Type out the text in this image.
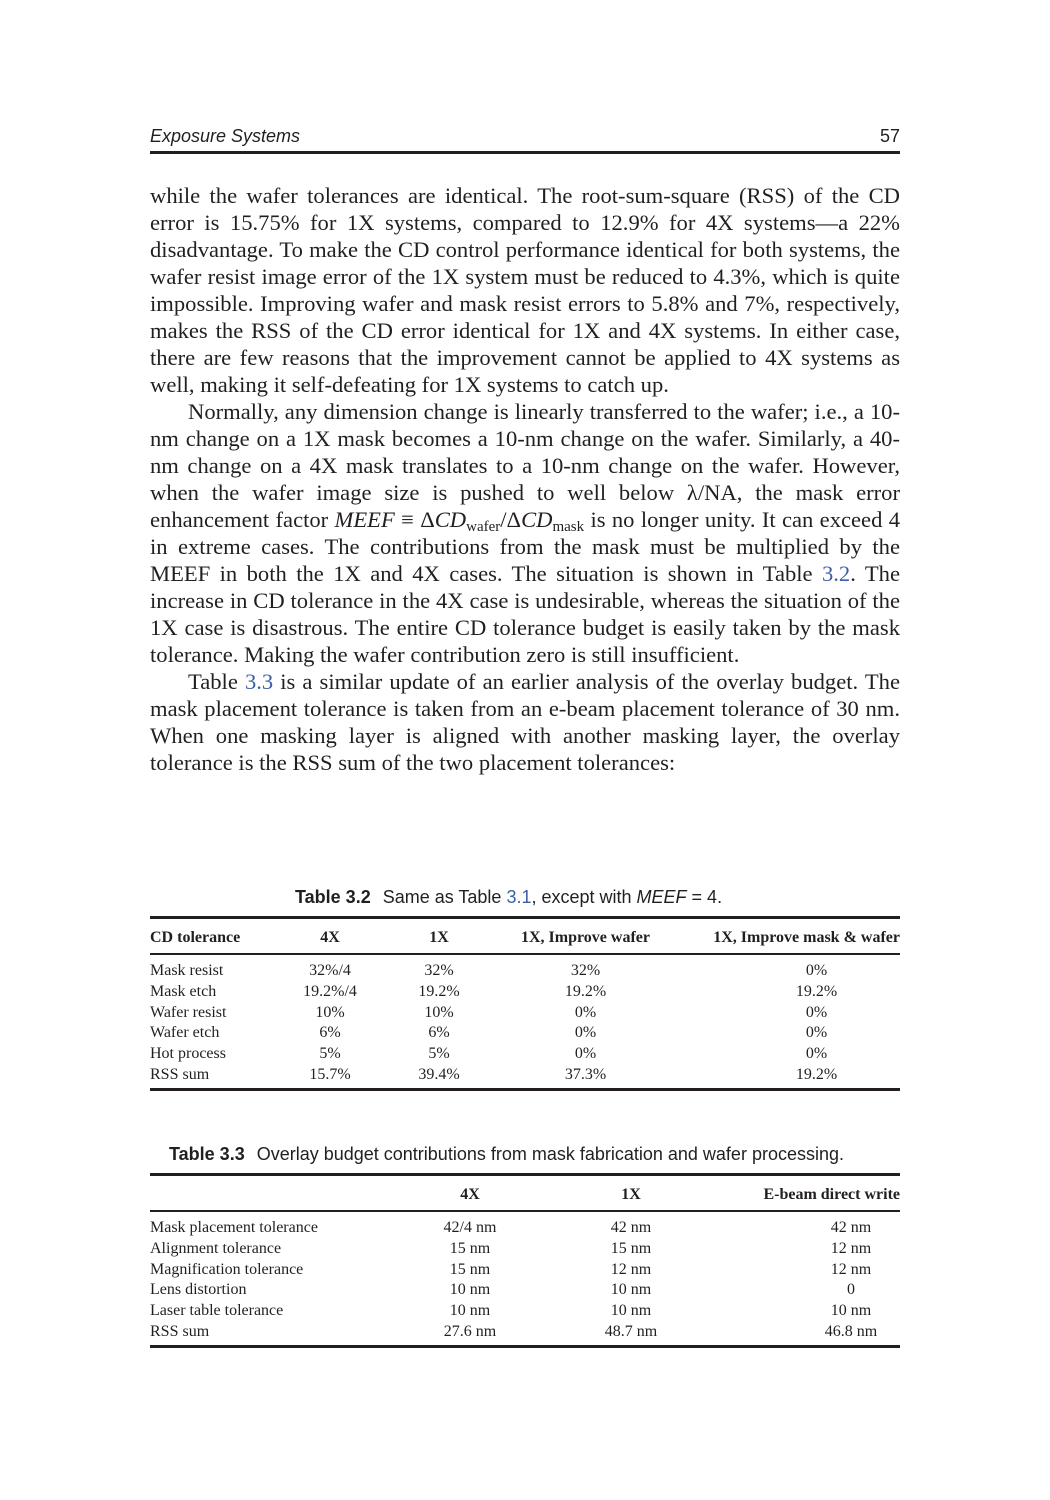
Exposure Systems	57

while the wafer tolerances are identical. The root-sum-square (RSS) of the CD error is 15.75% for 1X systems, compared to 12.9% for 4X systems—a 22% disadvantage. To make the CD control performance identical for both systems, the wafer resist image error of the 1X system must be reduced to 4.3%, which is quite impossible. Improving wafer and mask resist errors to 5.8% and 7%, respectively, makes the RSS of the CD error identical for 1X and 4X systems. In either case, there are few reasons that the improvement cannot be applied to 4X systems as well, making it self-defeating for 1X systems to catch up.

Normally, any dimension change is linearly transferred to the wafer; i.e., a 10-nm change on a 1X mask becomes a 10-nm change on the wafer. Similarly, a 40-nm change on a 4X mask translates to a 10-nm change on the wafer. However, when the wafer image size is pushed to well below λ/NA, the mask error enhancement factor MEEF ≡ $\Delta CD_{wafer}/\Delta CD_{mask}$ is no longer unity. It can exceed 4 in extreme cases. The contributions from the mask must be multiplied by the MEEF in both the 1X and 4X cases. The situation is shown in Table 3.2. The increase in CD tolerance in the 4X case is undesirable, whereas the situation of the 1X case is disastrous. The entire CD tolerance budget is easily taken by the mask tolerance. Making the wafer contribution zero is still insufficient.

Table 3.3 is a similar update of an earlier analysis of the overlay budget. The mask placement tolerance is taken from an e-beam placement tolerance of 30 nm. When one masking layer is aligned with another masking layer, the overlay tolerance is the RSS sum of the two placement tolerances:

Table 3.2 Same as Table 3.1, except with MEEF = 4.
CD tolerance	4X	1X	1X, Improve wafer	1X, Improve mask & wafer
Mask resist	32%/4	32%	32%	0%
Mask etch	19.2%/4	19.2%	19.2%	19.2%
Wafer resist	10%	10%	0%	0%
Wafer etch	6%	6%	0%	0%
Hot process	5%	5%	0%	0%
RSS sum	15.7%	39.4%	37.3%	19.2%
Table 3.3 Overlay budget contributions from mask fabrication and wafer processing.
	4X	1X	E-beam direct write
Mask placement tolerance	42/4 nm	42 nm	42 nm
Alignment tolerance	15 nm	15 nm	12 nm
Magnification tolerance	15 nm	12 nm	12 nm
Lens distortion	10 nm	10 nm	0
Laser table tolerance	10 nm	10 nm	10 nm
RSS sum	27.6 nm	48.7 nm	46.8 nm
